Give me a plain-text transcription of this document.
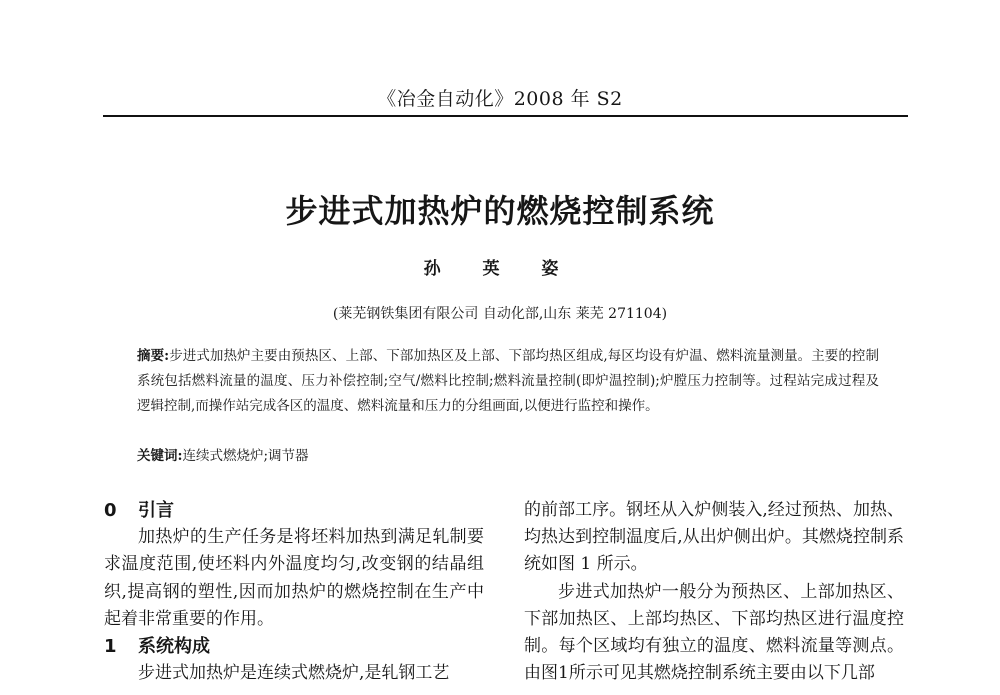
《冶金自动化》2008 年 S2
步进式加热炉的燃烧控制系统
孙 英 姿
(莱芜钢铁集团有限公司 自动化部,山东 莱芜 271104)
摘要:步进式加热炉主要由预热区、上部、下部加热区及上部、下部均热区组成,每区均设有炉温、燃料流量测量。主要的控制系统包括燃料流量的温度、压力补偿控制;空气/燃料比控制;燃料流量控制(即炉温控制);炉膛压力控制等。过程站完成过程及逻辑控制,而操作站完成各区的温度、燃料流量和压力的分组画面,以便进行监控和操作。
关键词:连续式燃烧炉;调节器
0 引言

加热炉的生产任务是将坯料加热到满足轧制要求温度范围,使坯料内外温度均匀,改变钢的结晶组织,提高钢的塑性,因而加热炉的燃烧控制在生产中起着非常重要的作用。

1 系统构成

步进式加热炉是连续式燃烧炉,是轧钢工艺

的前部工序。钢坯从入炉侧装入,经过预热、加热、均热达到控制温度后,从出炉侧出炉。其燃烧控制系统如图 1 所示。

步进式加热炉一般分为预热区、上部加热区、下部加热区、上部均热区、下部均热区进行温度控制。每个区域均有独立的温度、燃料流量等测点。由图1所示可见其燃烧控制系统主要由以下几部
